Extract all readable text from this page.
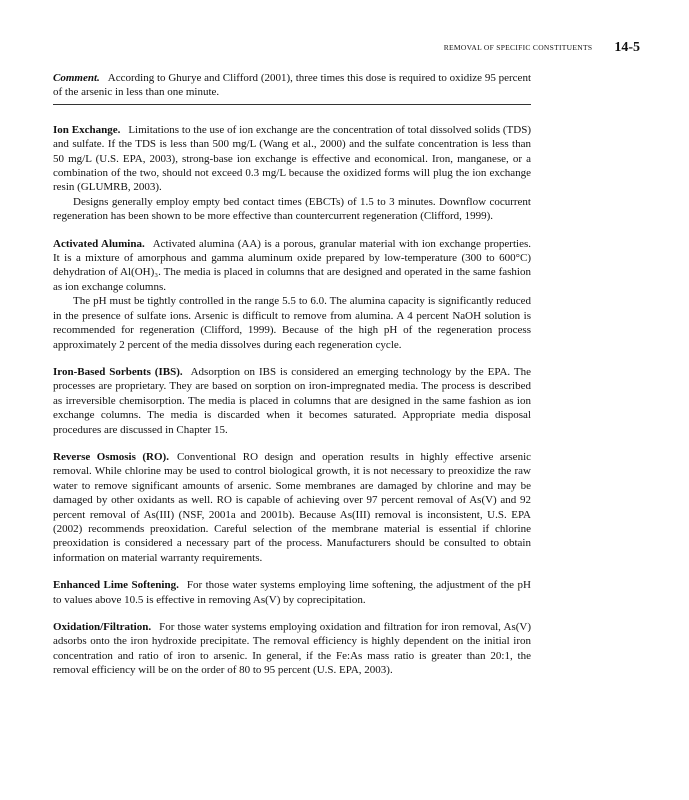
REMOVAL OF SPECIFIC CONSTITUENTS 14-5

Comment. According to Ghurye and Clifford (2001), three times this dose is required to oxidize 95 percent of the arsenic in less than one minute.

Ion Exchange. Limitations to the use of ion exchange are the concentration of total dissolved solids (TDS) and sulfate. If the TDS is less than 500 mg/L (Wang et al., 2000) and the sulfate concentration is less than 50 mg/L (U.S. EPA, 2003), strong-base ion exchange is effective and economical. Iron, manganese, or a combination of the two, should not exceed 0.3 mg/L because the oxidized forms will plug the ion exchange resin (GLUMRB, 2003).

Designs generally employ empty bed contact times (EBCTs) of 1.5 to 3 minutes. Downflow cocurrent regeneration has been shown to be more effective than countercurrent regeneration (Clifford, 1999).

Activated Alumina. Activated alumina (AA) is a porous, granular material with ion exchange properties. It is a mixture of amorphous and gamma aluminum oxide prepared by low-temperature (300 to 600°C) dehydration of Al(OH)₃. The media is placed in columns that are designed and operated in the same fashion as ion exchange columns.

The pH must be tightly controlled in the range 5.5 to 6.0. The alumina capacity is significantly reduced in the presence of sulfate ions. Arsenic is difficult to remove from alumina. A 4 percent NaOH solution is recommended for regeneration (Clifford, 1999). Because of the high pH of the regeneration process approximately 2 percent of the media dissolves during each regeneration cycle.

Iron-Based Sorbents (IBS). Adsorption on IBS is considered an emerging technology by the EPA. The processes are proprietary. They are based on sorption on iron-impregnated media. The process is described as irreversible chemisorption. The media is placed in columns that are designed in the same fashion as ion exchange columns. The media is discarded when it becomes saturated. Appropriate media disposal procedures are discussed in Chapter 15.

Reverse Osmosis (RO). Conventional RO design and operation results in highly effective arsenic removal. While chlorine may be used to control biological growth, it is not necessary to preoxidize the raw water to remove significant amounts of arsenic. Some membranes are damaged by chlorine and may be damaged by other oxidants as well. RO is capable of achieving over 97 percent removal of As(V) and 92 percent removal of As(III) (NSF, 2001a and 2001b). Because As(III) removal is inconsistent, U.S. EPA (2002) recommends preoxidation. Careful selection of the membrane material is essential if chlorine preoxidation is considered a necessary part of the process. Manufacturers should be consulted to obtain information on material warranty requirements.

Enhanced Lime Softening. For those water systems employing lime softening, the adjustment of the pH to values above 10.5 is effective in removing As(V) by coprecipitation.

Oxidation/Filtration. For those water systems employing oxidation and filtration for iron removal, As(V) adsorbs onto the iron hydroxide precipitate. The removal efficiency is highly dependent on the initial iron concentration and ratio of iron to arsenic. In general, if the Fe:As mass ratio is greater than 20:1, the removal efficiency will be on the order of 80 to 95 percent (U.S. EPA, 2003).
